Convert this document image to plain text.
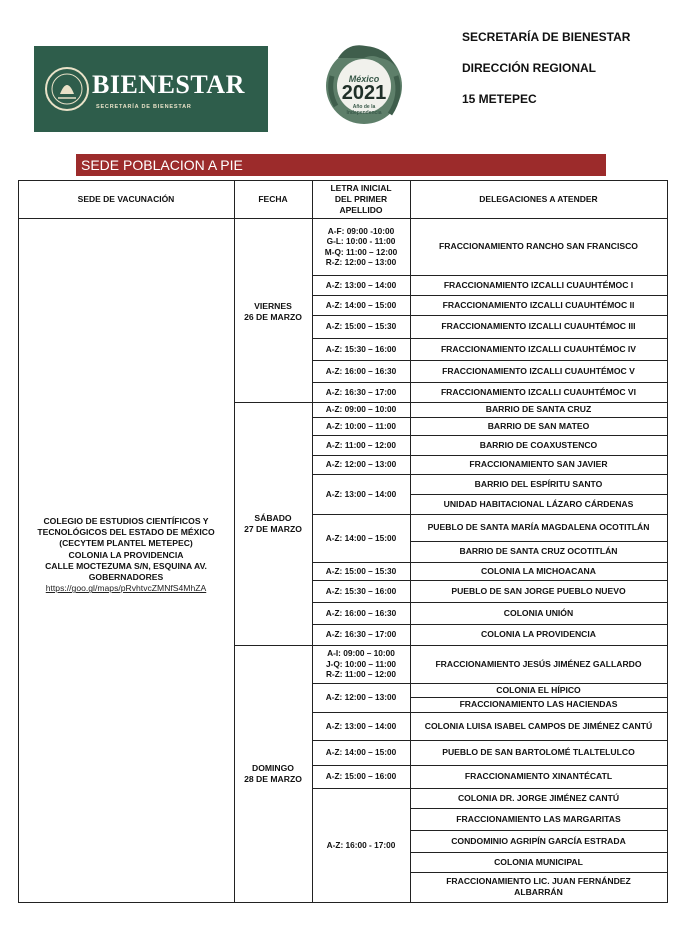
BIENESTAR
SECRETARÍA DE BIENESTAR
México
2021
Año de la Independencia
SECRETARÍA DE BIENESTAR
DIRECCIÓN REGIONAL
15 METEPEC
SEDE POBLACION A PIE
SEDE DE VACUNACIÓN	FECHA
LETRA INICIAL DEL PRIMER APELLIDO
DELEGACIONES A ATENDER
COLEGIO DE ESTUDIOS CIENTÍFICOS Y
TECNOLÓGICOS DEL ESTADO DE MÉXICO
(CECYTEM PLANTEL METEPEC)
COLONIA LA PROVIDENCIA
CALLE MOCTEZUMA S/N, ESQUINA AV.
GOBERNADORES
https://goo.gl/maps/pRvhtvcZMNfS4MhZA
VIERNES
26 DE MARZO
SÁBADO
27 DE MARZO
DOMINGO
28 DE MARZO
A-F: 09:00 -10:00
G-L: 10:00 - 11:00
M-Q: 11:00 – 12:00
R-Z: 12:00 – 13:00
A-Z: 13:00 – 14:00
A-Z: 14:00 – 15:00
A-Z: 15:00 – 15:30
A-Z: 15:30 – 16:00
A-Z: 16:00 – 16:30
A-Z: 16:30 – 17:00
A-Z: 09:00 – 10:00
A-Z: 10:00 – 11:00
A-Z: 11:00 – 12:00
A-Z: 12:00 – 13:00
A-Z: 13:00 – 14:00
A-Z: 14:00 – 15:00
A-Z: 15:00 – 15:30
A-Z: 15:30 – 16:00
A-Z: 16:00 – 16:30
A-Z: 16:30 – 17:00
A-I: 09:00 – 10:00
J-Q: 10:00 – 11:00
R-Z: 11:00 – 12:00
A-Z: 12:00 – 13:00
A-Z: 13:00 – 14:00
A-Z: 14:00 – 15:00
A-Z: 15:00 – 16:00
A-Z: 16:00 - 17:00
FRACCIONAMIENTO RANCHO SAN FRANCISCO
FRACCIONAMIENTO IZCALLI CUAUHTÉMOC I
FRACCIONAMIENTO IZCALLI CUAUHTÉMOC II
FRACCIONAMIENTO IZCALLI CUAUHTÉMOC III
FRACCIONAMIENTO IZCALLI CUAUHTÉMOC IV
FRACCIONAMIENTO IZCALLI CUAUHTÉMOC V
FRACCIONAMIENTO IZCALLI CUAUHTÉMOC VI
BARRIO DE SANTA CRUZ
BARRIO DE SAN MATEO
BARRIO DE COAXUSTENCO
FRACCIONAMIENTO SAN JAVIER
BARRIO DEL ESPÍRITU SANTO
UNIDAD HABITACIONAL LÁZARO CÁRDENAS
PUEBLO DE SANTA MARÍA MAGDALENA OCOTITLÁN
BARRIO DE SANTA CRUZ OCOTITLÁN
COLONIA LA MICHOACANA
PUEBLO DE SAN JORGE PUEBLO NUEVO
COLONIA UNIÓN
COLONIA LA PROVIDENCIA
FRACCIONAMIENTO JESÚS JIMÉNEZ GALLARDO
COLONIA EL HÍPICO
FRACCIONAMIENTO LAS HACIENDAS
COLONIA LUISA ISABEL CAMPOS DE JIMÉNEZ CANTÚ
PUEBLO DE SAN BARTOLOMÉ TLALTELULCO
FRACCIONAMIENTO XINANTÉCATL
COLONIA DR. JORGE JIMÉNEZ CANTÚ
FRACCIONAMIENTO LAS MARGARITAS
CONDOMINIO AGRIPÍN GARCÍA ESTRADA
COLONIA MUNICIPAL
FRACCIONAMIENTO LIC. JUAN FERNÁNDEZ ALBARRÁN
